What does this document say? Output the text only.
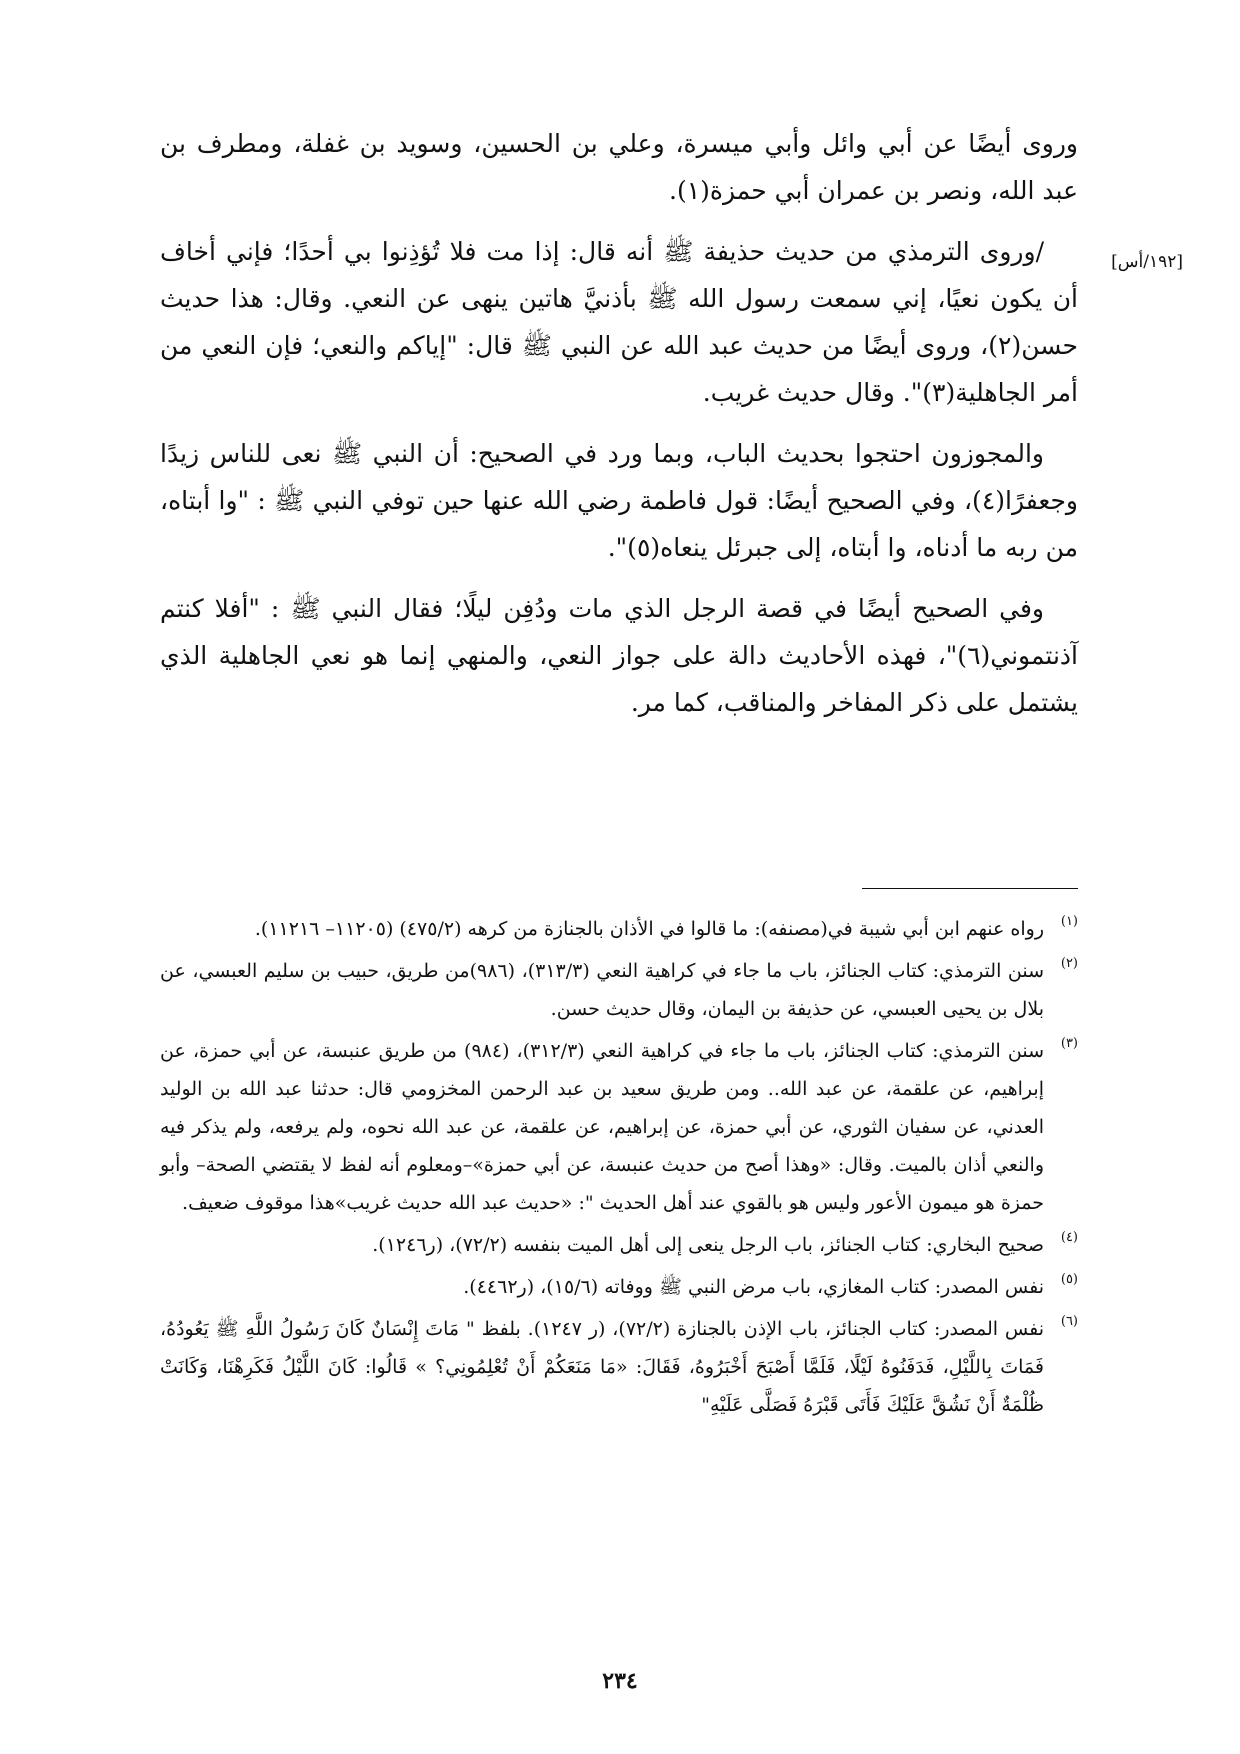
وروى أيضًا عن أبي وائل وأبي ميسرة، وعلي بن الحسين، وسويد بن غفلة، ومطرف بن عبد الله، ونصر بن عمران أبي حمزة(١).

/وروى الترمذي من حديث حذيفة ﷺ أنه قال: إذا مت فلا تُؤذِنوا بي أحدًا؛ فإني أخاف أن يكون نعيًا، إني سمعت رسول الله ﷺ بأذنيَّ هاتين ينهى عن النعي. وقال: هذا حديث حسن(٢)، وروى أيضًا من حديث عبد الله عن النبي ﷺ قال: "إياكم والنعي؛ فإن النعي من أمر الجاهلية(٣)". وقال حديث غريب.

والمجوزون احتجوا بحديث الباب، وبما ورد في الصحيح: أن النبي ﷺ نعى للناس زيدًا وجعفرًا(٤)، وفي الصحيح أيضًا: قول فاطمة رضي الله عنها حين توفي النبي ﷺ : "وا أبتاه، من ربه ما أدناه، وا أبتاه، إلى جبرئل ينعاه(٥)".

وفي الصحيح أيضًا في قصة الرجل الذي مات ودُفِن ليلًا؛ فقال النبي ﷺ : "أفلا كنتم آذنتموني(٦)"، فهذه الأحاديث دالة على جواز النعي، والمنهي إنما هو نعي الجاهلية الذي يشتمل على ذكر المفاخر والمناقب، كما مر.

[١٩٢/أس]
(١)
رواه عنهم ابن أبي شيبة في(مصنفه): ما قالوا في الأذان بالجنازة من كرهه (٤٧٥/٢) (١١٢٠٥– ١١٢١٦).
(٢)
سنن الترمذي: كتاب الجنائز، باب ما جاء في كراهية النعي (٣١٣/٣)، (٩٨٦)من طريق، حبيب بن سليم العبسي، عن بلال بن يحيى العبسي، عن حذيفة بن اليمان، وقال حديث حسن.
(٣)
سنن الترمذي: كتاب الجنائز، باب ما جاء في كراهية النعي (٣١٢/٣)، (٩٨٤) من طريق عنبسة، عن أبي حمزة، عن إبراهيم، عن علقمة، عن عبد الله.. ومن طريق سعيد بن عبد الرحمن المخزومي قال: حدثنا عبد الله بن الوليد العدني، عن سفيان الثوري، عن أبي حمزة، عن إبراهيم، عن علقمة، عن عبد الله نحوه، ولم يرفعه، ولم يذكر فيه والنعي أذان بالميت. وقال: «وهذا أصح من حديث عنبسة، عن أبي حمزة»–ومعلوم أنه لفظ لا يقتضي الصحة– وأبو حمزة هو ميمون الأعور وليس هو بالقوي عند أهل الحديث ": «حديث عبد الله حديث غريب»هذا موقوف ضعيف.
(٤)
صحيح البخاري: كتاب الجنائز، باب الرجل ينعى إلى أهل الميت بنفسه (٧٢/٢)، (ر١٢٤٦).
(٥)
نفس المصدر: كتاب المغازي، باب مرض النبي ﷺ ووفاته (١٥/٦)، (ر٤٤٦٢).
(٦)
نفس المصدر: كتاب الجنائز، باب الإذن بالجنازة (٧٢/٢)، (ر ١٢٤٧). بلفظ " مَاتَ إِنْسَانٌ كَانَ رَسُولُ اللَّهِ ﷺ يَعُودُهُ، فَمَاتَ بِاللَّيْلِ، فَدَفَنُوهُ لَيْلًا، فَلَمَّا أَصْبَحَ أَخْبَرُوهُ، فَقَالَ: «مَا مَنَعَكُمْ أَنْ تُعْلِمُونِي؟ » قَالُوا: كَانَ اللَّيْلُ فَكَرِهْنَا، وَكَانَتْ ظُلْمَةٌ أَنْ نَشُقَّ عَلَيْكَ فَأَتَى قَبْرَهُ فَصَلَّى عَلَيْهِ"
٢٣٤
